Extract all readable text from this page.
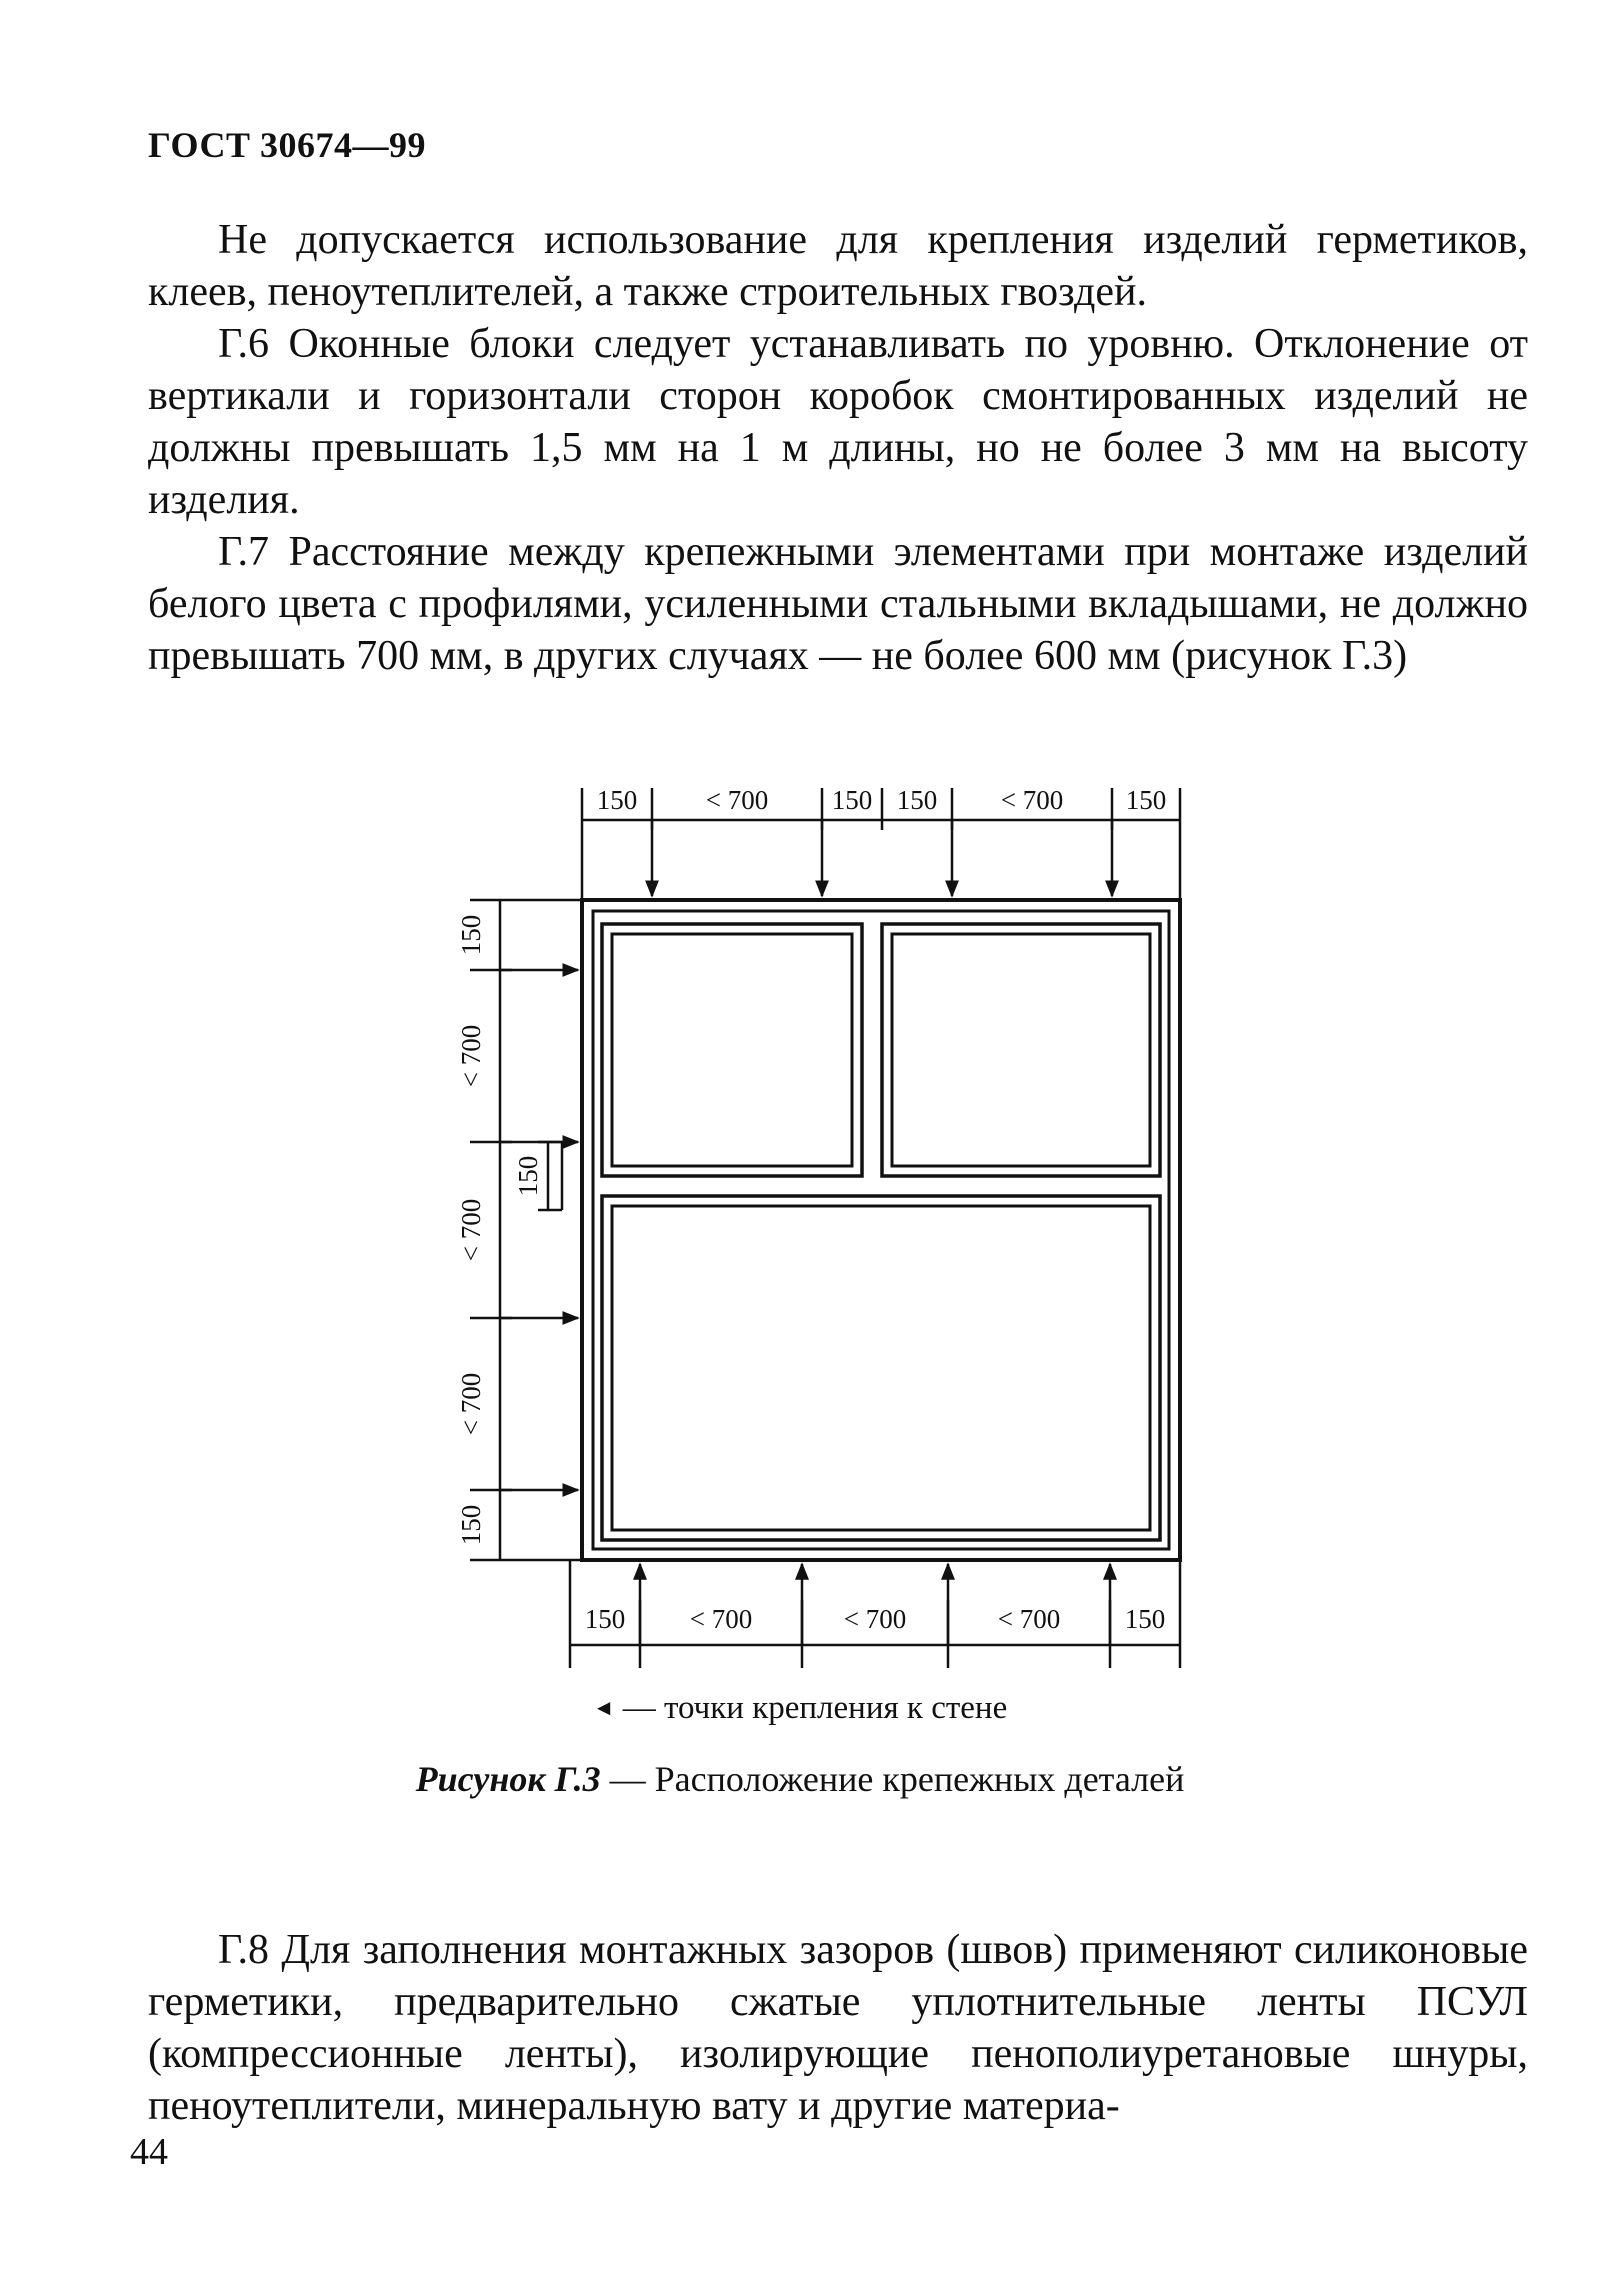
ГОСТ 30674—99

Не допускается использование для крепления изделий герметиков, клеев, пеноутеплителей, а также строительных гвоздей.

Г.6 Оконные блоки следует устанавливать по уровню. Отклонение от вертикали и горизонтали сторон коробок смонтированных изделий не должны превышать 1,5 мм на 1 м длины, но не более 3 мм на высоту изделия.

Г.7 Расстояние между крепежными элементами при монтаже изделий белого цвета с профилями, усиленными стальными вкладышами, не должно превышать 700 мм, в других случаях — не более 600 мм (рисунок Г.3)

150	< 700 150 150 < 700 150
150 < 700	< 700	< 700 150
150
< 700
< 700
< 700
150
150
◄ — точки крепления к стене
Рисунок Г.3 — Расположение крепежных деталей

Г.8 Для заполнения монтажных зазоров (швов) применяют силиконовые герметики, предварительно сжатые уплотнительные ленты ПСУЛ (компрессионные ленты), изолирующие пенополиуретановые шнуры, пеноутеплители, минеральную вату и другие материа-

44
